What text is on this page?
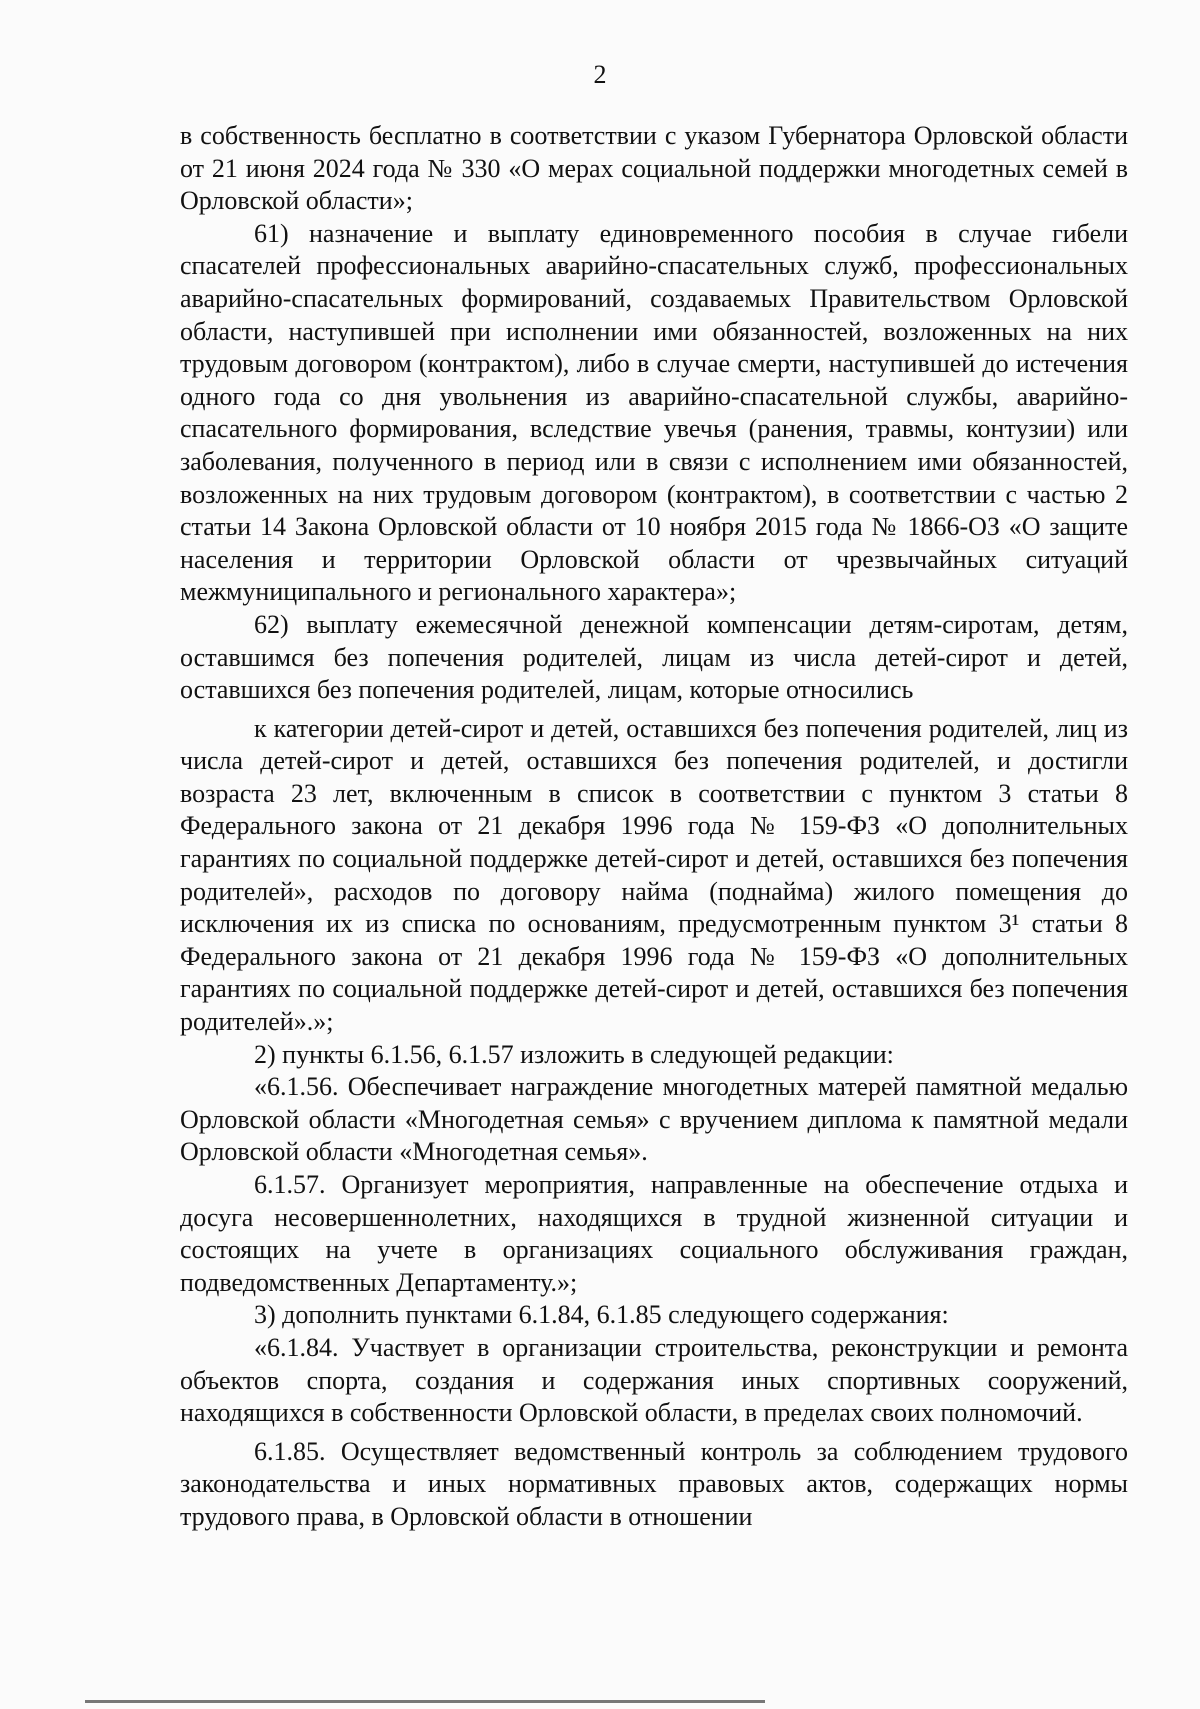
2

в собственность бесплатно в соответствии с указом Губернатора Орловской области от 21 июня 2024 года № 330 «О мерах социальной поддержки многодетных семей в Орловской области»;

61) назначение и выплату единовременного пособия в случае гибели спасателей профессиональных аварийно-спасательных служб, профессиональных аварийно-спасательных формирований, создаваемых Правительством Орловской области, наступившей при исполнении ими обязанностей, возложенных на них трудовым договором (контрактом), либо в случае смерти, наступившей до истечения одного года со дня увольнения из аварийно-спасательной службы, аварийно-спасательного формирования, вследствие увечья (ранения, травмы, контузии) или заболевания, полученного в период или в связи с исполнением ими обязанностей, возложенных на них трудовым договором (контрактом), в соответствии с частью 2 статьи 14 Закона Орловской области от 10 ноября 2015 года № 1866-ОЗ «О защите населения и территории Орловской области от чрезвычайных ситуаций межмуниципального и регионального характера»;

62) выплату ежемесячной денежной компенсации детям-сиротам, детям, оставшимся без попечения родителей, лицам из числа детей-сирот и детей, оставшихся без попечения родителей, лицам, которые относились

к категории детей-сирот и детей, оставшихся без попечения родителей, лиц из числа детей-сирот и детей, оставшихся без попечения родителей, и достигли возраста 23 лет, включенным в список в соответствии с пунктом 3 статьи 8 Федерального закона от 21 декабря 1996 года № 159-ФЗ «О дополнительных гарантиях по социальной поддержке детей-сирот и детей, оставшихся без попечения родителей», расходов по договору найма (поднайма) жилого помещения до исключения их из списка по основаниям, предусмотренным пунктом 3¹ статьи 8 Федерального закона от 21 декабря 1996 года № 159-ФЗ «О дополнительных гарантиях по социальной поддержке детей-сирот и детей, оставшихся без попечения родителей».»;

2) пункты 6.1.56, 6.1.57 изложить в следующей редакции:

«6.1.56. Обеспечивает награждение многодетных матерей памятной медалью Орловской области «Многодетная семья» с вручением диплома к памятной медали Орловской области «Многодетная семья».

6.1.57. Организует мероприятия, направленные на обеспечение отдыха и досуга несовершеннолетних, находящихся в трудной жизненной ситуации и состоящих на учете в организациях социального обслуживания граждан, подведомственных Департаменту.»;

3) дополнить пунктами 6.1.84, 6.1.85 следующего содержания:

«6.1.84. Участвует в организации строительства, реконструкции и ремонта объектов спорта, создания и содержания иных спортивных сооружений, находящихся в собственности Орловской области, в пределах своих полномочий.

6.1.85. Осуществляет ведомственный контроль за соблюдением трудового законодательства и иных нормативных правовых актов, содержащих нормы трудового права, в Орловской области в отношении
